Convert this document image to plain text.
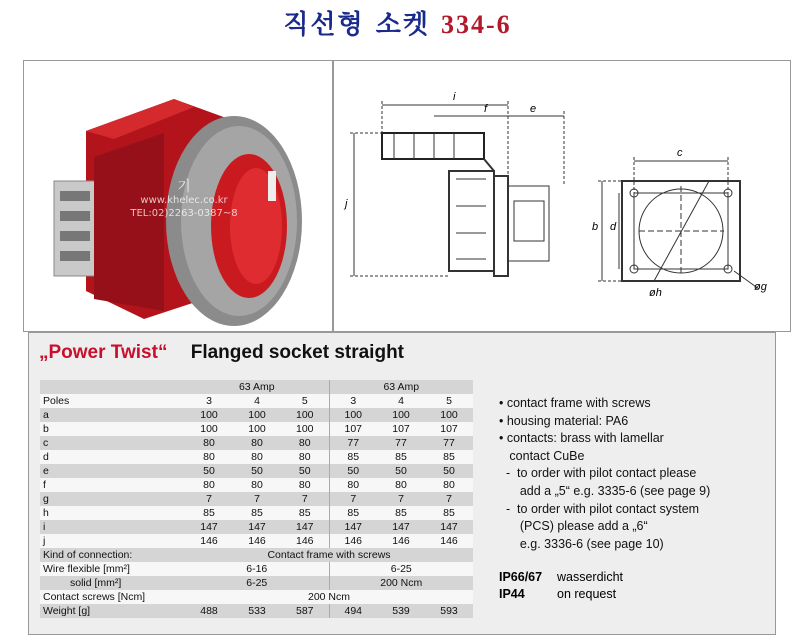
직선형 소켓 334-6
기
www.khelec.co.kr
TEL:02)2263-0387~8
i
f	e
j
c
b d
øh	øg
„Power Twist“ Flanged socket straight
	63 Amp			63 Amp		
Poles	3	4	5	3	4	5
a	100	100	100	100	100	100
b	100	100	100	107	107	107
c	80	80	80	77	77	77
d	80	80	80	85	85	85
e	50	50	50	50	50	50
f	80	80	80	80	80	80
g	7	7	7	7	7	7
h	85	85	85	85	85	85
i	147	147	147	147	147	147
j	146	146	146	146	146	146
Kind of connection:	Contact frame with screws					
Wire flexible [mm²]	6-16			6-25		
solid [mm²]	6-25			200 Ncm		
Contact screws [Ncm]	200 Ncm					
Weight [g]	488	533	587	494	539	593
• contact frame with screws
• housing material: PA6
• contacts: brass with lamellar
contact CuBe
-  to order with pilot contact please
add a „5“ e.g. 3335-6 (see page 9)
-  to order with pilot contact system
(PCS) please add a „6“
e.g. 3336-6 (see page 10)
IP66/67 wasserdicht
IP44	on request
